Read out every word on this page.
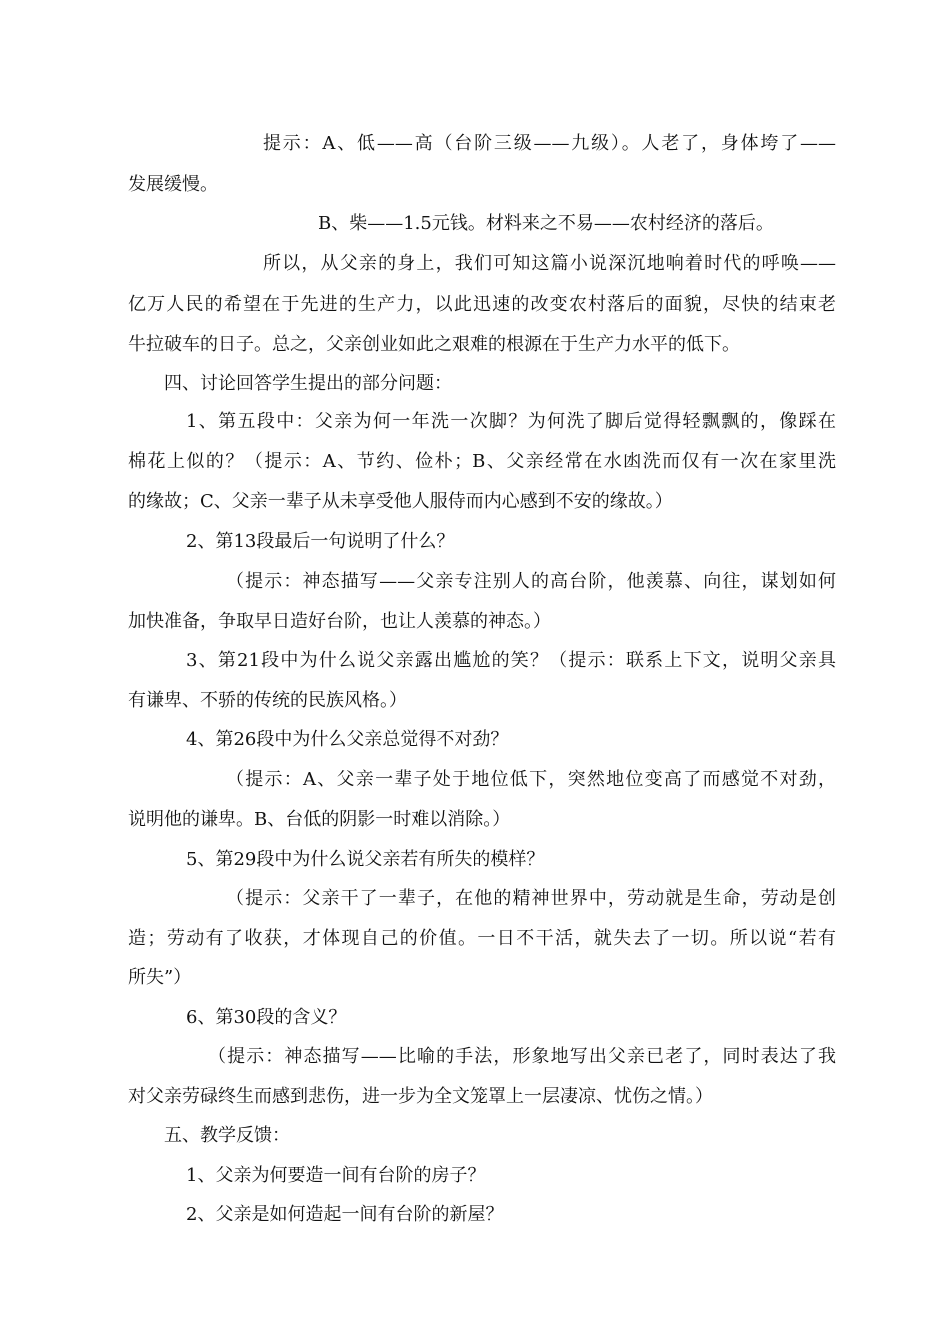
提示：A、低——高（台阶三级——九级）。人老了，身体垮了——
发展缓慢。
B、柴——1.5元钱。材料来之不易——农村经济的落后。
所以，从父亲的身上，我们可知这篇小说深沉地响着时代的呼唤——
亿万人民的希望在于先进的生产力，以此迅速的改变农村落后的面貌，尽快的结束老
牛拉破车的日子。总之，父亲创业如此之艰难的根源在于生产力水平的低下。
四、讨论回答学生提出的部分问题：
1、第五段中：父亲为何一年洗一次脚？为何洗了脚后觉得轻飘飘的，像踩在
棉花上似的？（提示：A、节约、俭朴；B、父亲经常在水凼洗而仅有一次在家里洗
的缘故；C、父亲一辈子从未享受他人服侍而内心感到不安的缘故。）
2、第13段最后一句说明了什么？
（提示：神态描写——父亲专注别人的高台阶，他羡慕、向往，谋划如何
加快准备，争取早日造好台阶，也让人羡慕的神态。）
3、第21段中为什么说父亲露出尴尬的笑？（提示：联系上下文，说明父亲具
有谦卑、不骄的传统的民族风格。）
4、第26段中为什么父亲总觉得不对劲？
（提示：A、父亲一辈子处于地位低下，突然地位变高了而感觉不对劲，
说明他的谦卑。B、台低的阴影一时难以消除。）
5、第29段中为什么说父亲若有所失的模样？
（提示：父亲干了一辈子，在他的精神世界中，劳动就是生命，劳动是创
造；劳动有了收获，才体现自己的价值。一日不干活，就失去了一切。所以说“若有
所失”）
6、第30段的含义？
（提示：神态描写——比喻的手法，形象地写出父亲已老了，同时表达了我
对父亲劳碌终生而感到悲伤，进一步为全文笼罩上一层凄凉、忧伤之情。）
五、教学反馈：
1、父亲为何要造一间有台阶的房子？
2、父亲是如何造起一间有台阶的新屋？
